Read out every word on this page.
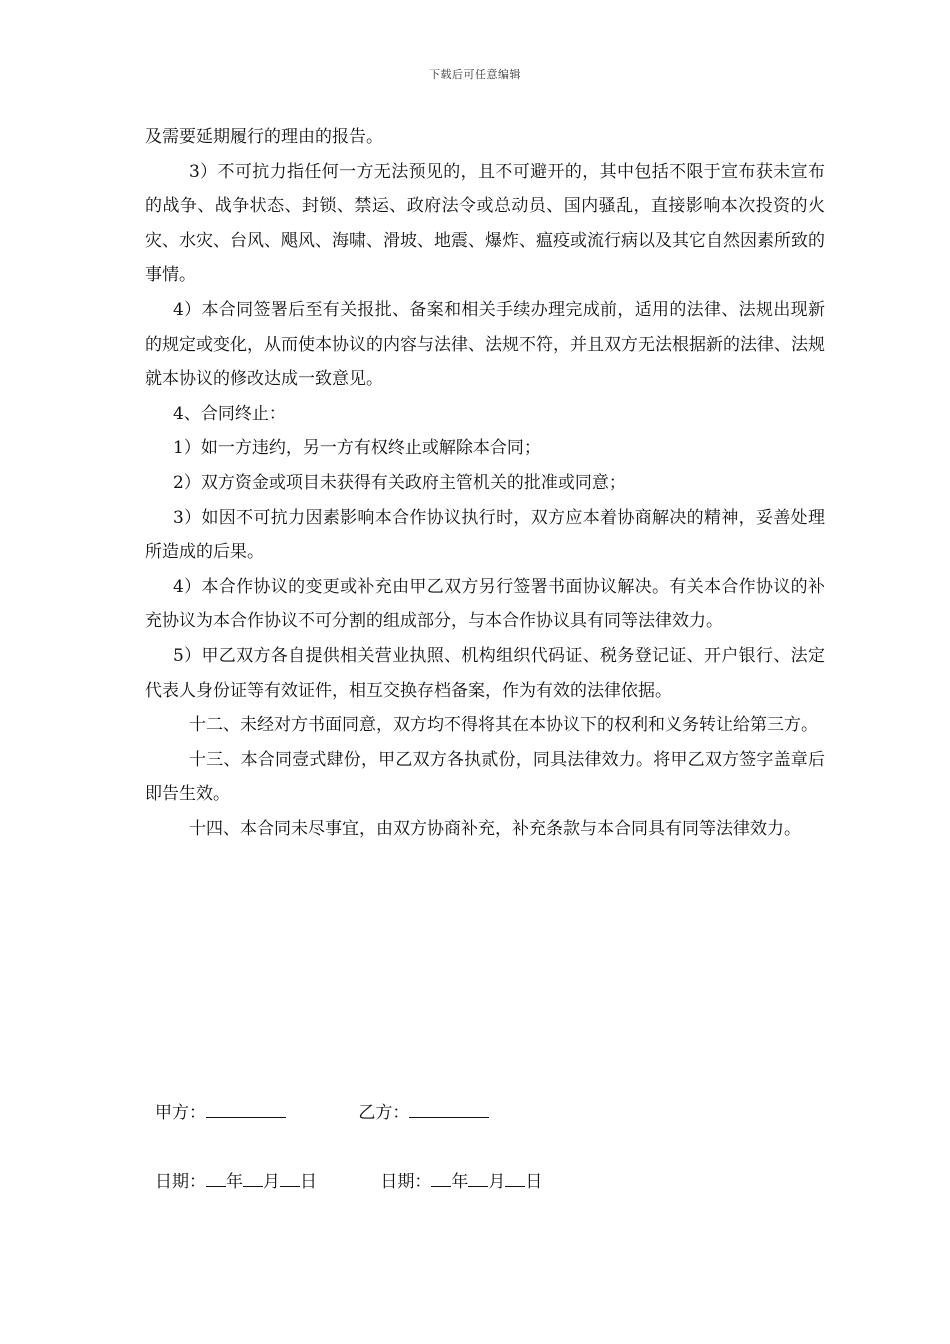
下载后可任意编辑

及需要延期履行的理由的报告。

3）不可抗力指任何一方无法预见的，且不可避开的，其中包括不限于宣布获未宣布的战争、战争状态、封锁、禁运、政府法令或总动员、国内骚乱，直接影响本次投资的火灾、水灾、台风、飓风、海啸、滑坡、地震、爆炸、瘟疫或流行病以及其它自然因素所致的事情。

4）本合同签署后至有关报批、备案和相关手续办理完成前，适用的法律、法规出现新的规定或变化，从而使本协议的内容与法律、法规不符，并且双方无法根据新的法律、法规就本协议的修改达成一致意见。

4、合同终止：

1）如一方违约，另一方有权终止或解除本合同；

2）双方资金或项目未获得有关政府主管机关的批准或同意；

3）如因不可抗力因素影响本合作协议执行时，双方应本着协商解决的精神，妥善处理所造成的后果。

4）本合作协议的变更或补充由甲乙双方另行签署书面协议解决。有关本合作协议的补充协议为本合作协议不可分割的组成部分，与本合作协议具有同等法律效力。

5）甲乙双方各自提供相关营业执照、机构组织代码证、税务登记证、开户银行、法定代表人身份证等有效证件，相互交换存档备案，作为有效的法律依据。

十二、未经对方书面同意，双方均不得将其在本协议下的权利和义务转让给第三方。

十三、本合同壹式肆份，甲乙双方各执贰份，同具法律效力。将甲乙双方签字盖章后即告生效。

十四、本合同未尽事宜，由双方协商补充，补充条款与本合同具有同等法律效力。

甲方：	乙方：
日期： 年 月 日	日期： 年 月 日
